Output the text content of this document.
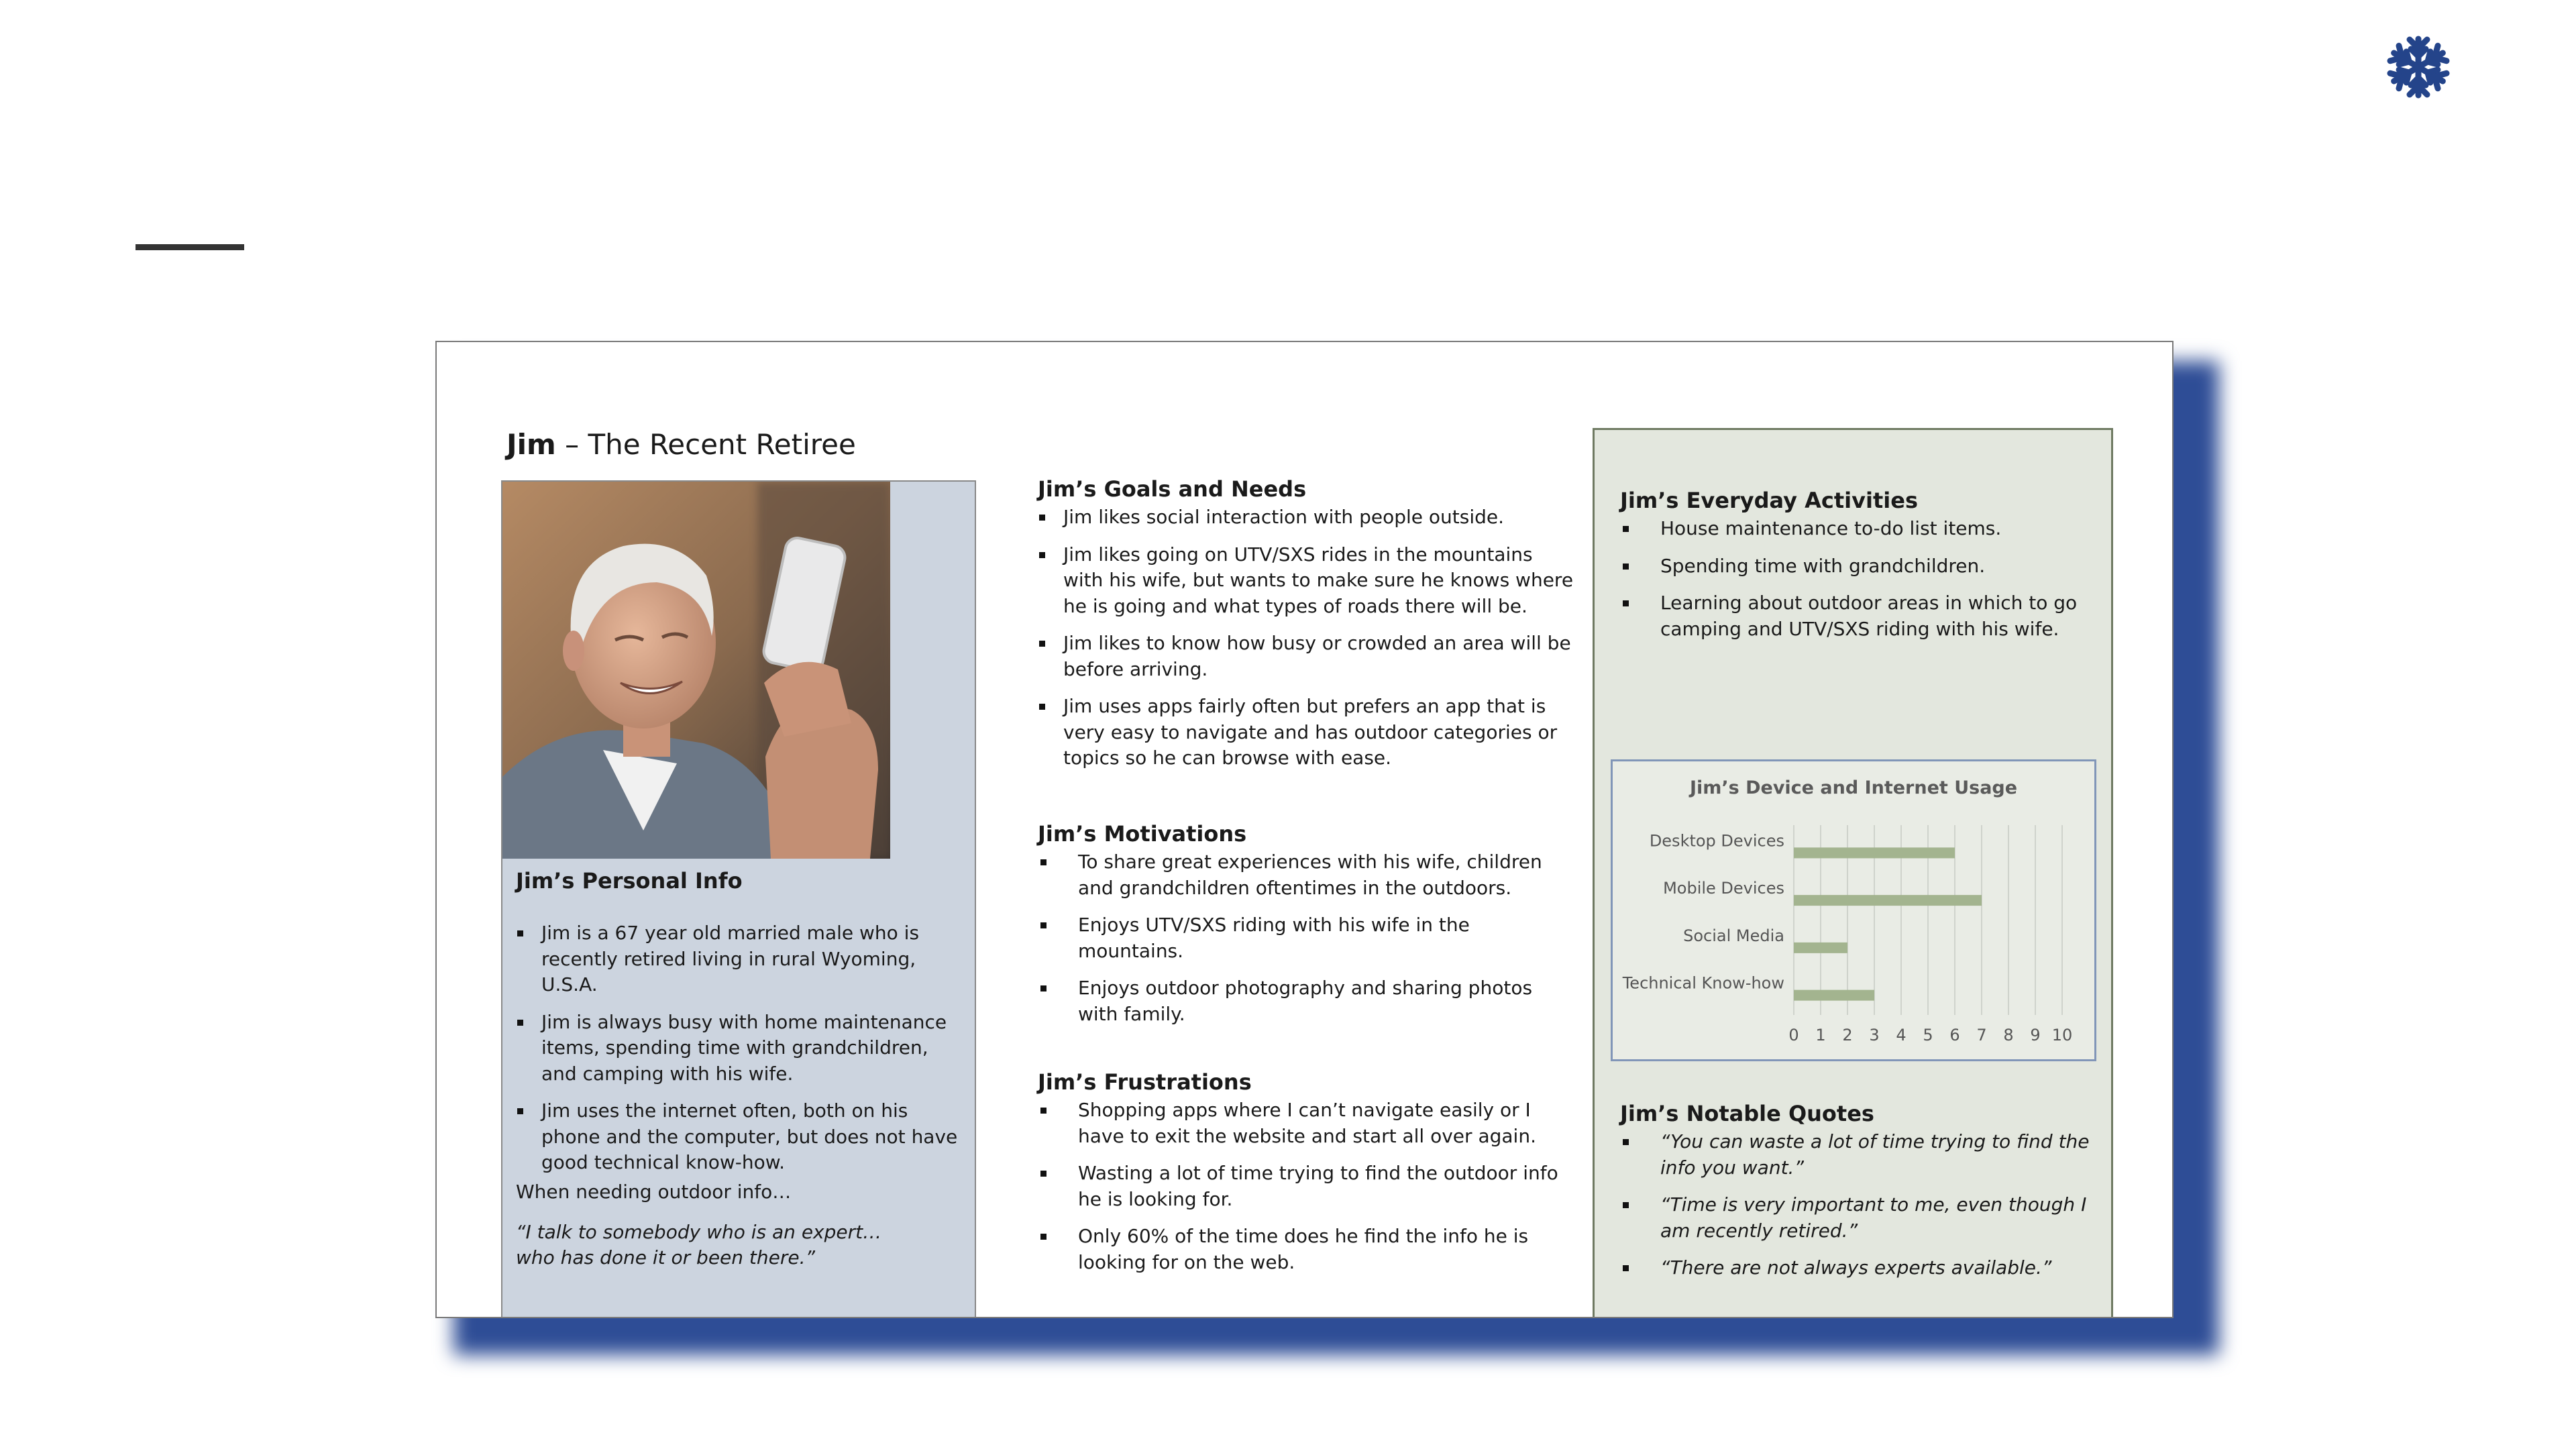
Jim – The Recent Retiree
Jim’s Personal Info
Jim is a 67 year old married male who is recently retired living in rural Wyoming, U.S.A.
Jim is always busy with home maintenance items, spending time with grandchildren, and camping with his wife.
Jim uses the internet often, both on his phone and the computer, but does not have good technical know-how.

When needing outdoor info…

“I talk to somebody who is an expert…

who has done it or been there.”

Jim’s Goals and Needs
Jim likes social interaction with people outside.
Jim likes going on UTV/SXS rides in the mountains with his wife, but wants to make sure he knows where he is going and what types of roads there will be.
Jim likes to know how busy or crowded an area will be before arriving.
Jim uses apps fairly often but prefers an app that is very easy to navigate and has outdoor categories or topics so he can browse with ease.
Jim’s Motivations
To share great experiences with his wife, children and grandchildren oftentimes in the outdoors.
Enjoys UTV/SXS riding with his wife in the mountains.
Enjoys outdoor photography and sharing photos with family.
Jim’s Frustrations
Shopping apps where I can’t navigate easily or I have to exit the website and start all over again.
Wasting a lot of time trying to find the outdoor info he is looking for.
Only 60% of the time does he find the info he is looking for on the web.
Jim’s Everyday Activities
House maintenance to-do list items.
Spending time with grandchildren.
Learning about outdoor areas in which to go camping and UTV/SXS riding with his wife.
Jim’s Device and Internet Usage
0 1 2 3 4 5 6 7 8 9 10
Desktop Devices
Mobile Devices
Social Media
Technical Know-how
Jim’s Notable Quotes
“You can waste a lot of time trying to find the info you want.”
“Time is very important to me, even though I am recently retired.”
“There are not always experts available.”
